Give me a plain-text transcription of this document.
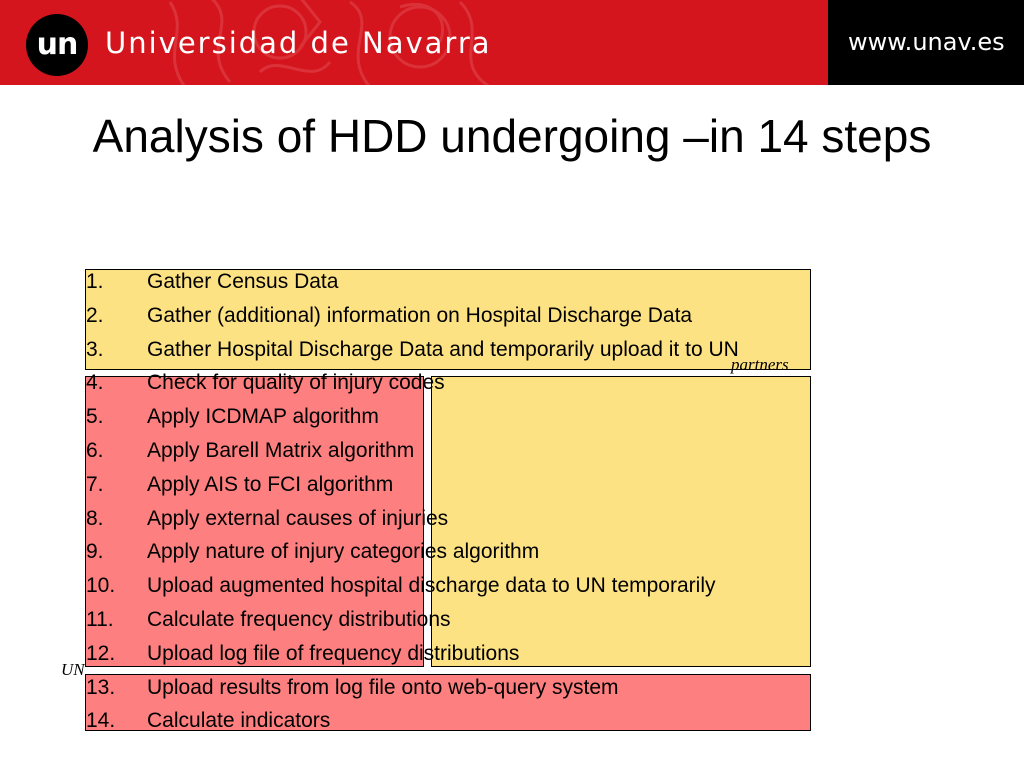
un Universidad de Navarra	www.unav.es
Analysis of HDD undergoing –in 14 steps
partners
UN
1.	Gather Census Data
2.	Gather (additional) information on Hospital Discharge Data
3.	Gather Hospital Discharge Data and temporarily upload it to UN
4.	Check for quality of injury codes
5.	Apply ICDMAP algorithm
6.	Apply Barell Matrix algorithm
7.	Apply AIS to FCI algorithm
8.	Apply external causes of injuries
9.	Apply nature of injury categories algorithm
10.	Upload augmented hospital discharge data to UN temporarily
11.	Calculate frequency distributions
12.	Upload log file of frequency distributions
13.	Upload results from log file onto web-query system
14.	Calculate indicators
